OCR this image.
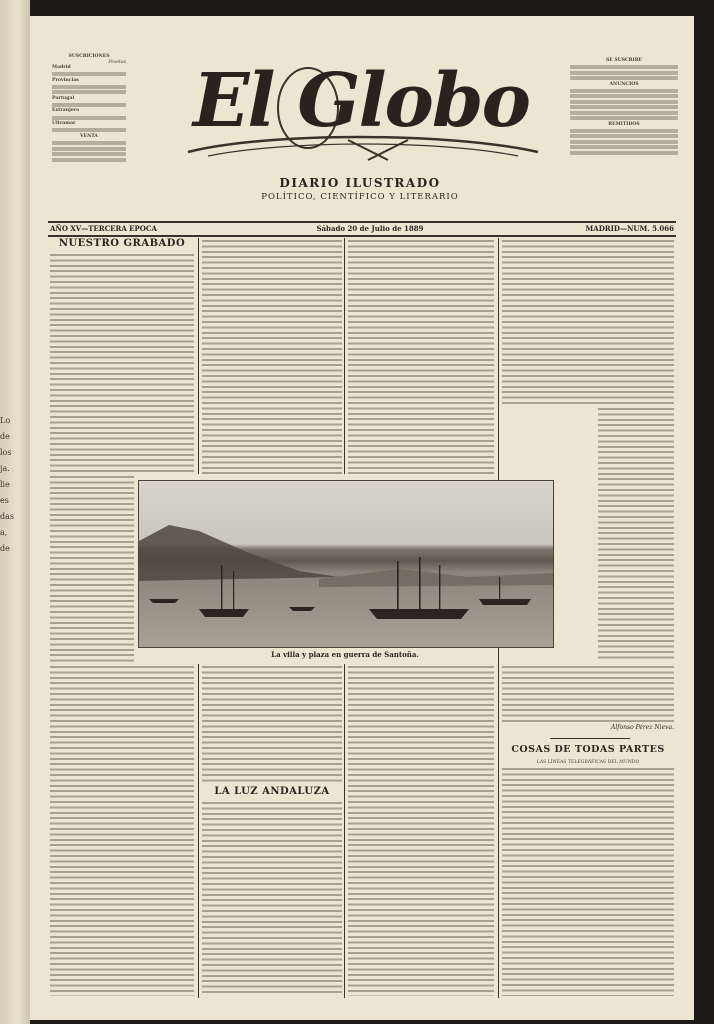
Lo
de
los
ja.
lie
es
das
a,
de
SUSCRICIONES
Pesetas
Madrid
Provincias
Portugal
Extranjero
Ultramar
VENTA	El Globo
DIARIO ILUSTRADO
POLÍTICO, CIENTÍFICO Y LITERARIO
SE SUSCRIBE
ANUNCIOS
REMITIDOS
AÑO XV—TERCERA EPOCA	Sábado 20 de Julio de 1889	MADRID—NUM. 5.066
NUESTRO GRABADO
LA LUZ ANDALUZA
Alfonso Pérez Nieva.
COSAS DE TODAS PARTES
LAS LÍNEAS TELEGRÁFICAS DEL MUNDO
La villa y plaza en guerra de Santoña.
